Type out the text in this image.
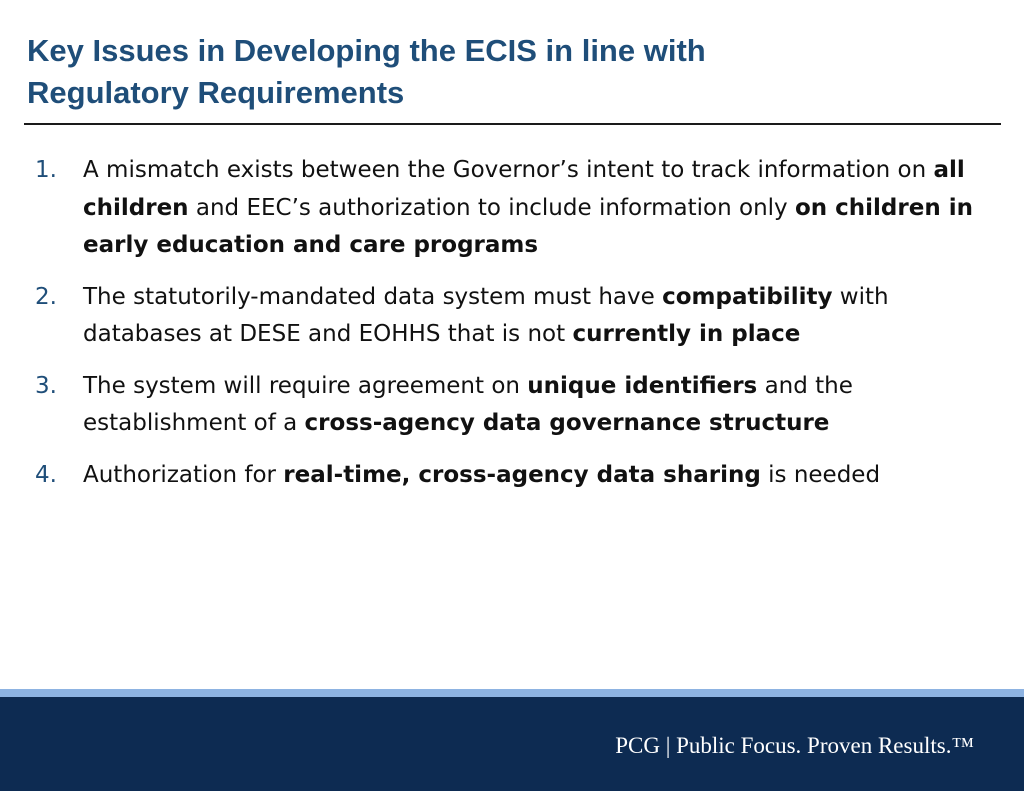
Key Issues in Developing the ECIS in line with
Regulatory Requirements
1. A mismatch exists between the Governor’s intent to track information on all children and EEC’s authorization to include information only on children in early education and care programs
2. The statutorily-mandated data system must have compatibility with databases at DESE and EOHHS that is not currently in place
3. The system will require agreement on unique identifiers and the establishment of a cross-agency data governance structure
4. Authorization for real-time, cross-agency data sharing is needed
PCG | Public Focus. Proven Results.™
